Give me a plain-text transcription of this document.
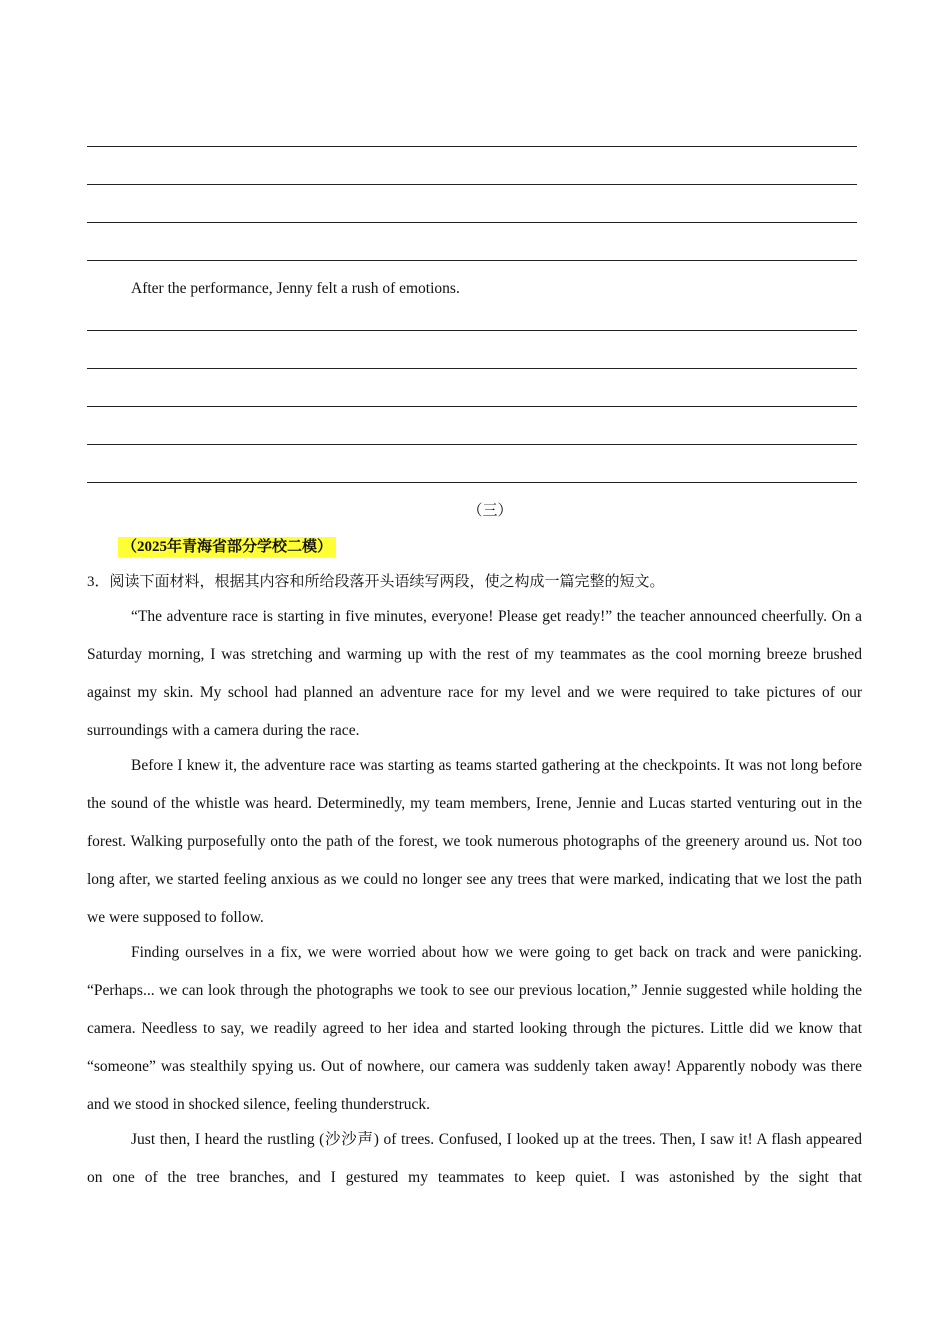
After the performance, Jenny felt a rush of emotions.
（三）
（2025年青海省部分学校二模）
3．阅读下面材料，根据其内容和所给段落开头语续写两段，使之构成一篇完整的短文。

“The adventure race is starting in five minutes, everyone! Please get ready!” the teacher announced cheerfully. On a Saturday morning, I was stretching and warming up with the rest of my teammates as the cool morning breeze brushed against my skin. My school had planned an adventure race for my level and we were required to take pictures of our surroundings with a camera during the race.

Before I knew it, the adventure race was starting as teams started gathering at the checkpoints. It was not long before the sound of the whistle was heard. Determinedly, my team members, Irene, Jennie and Lucas started venturing out in the forest. Walking purposefully onto the path of the forest, we took numerous photographs of the greenery around us. Not too long after, we started feeling anxious as we could no longer see any trees that were marked, indicating that we lost the path we were supposed to follow.

Finding ourselves in a fix, we were worried about how we were going to get back on track and were panicking. “Perhaps... we can look through the photographs we took to see our previous location,” Jennie suggested while holding the camera. Needless to say, we readily agreed to her idea and started looking through the pictures. Little did we know that “someone” was stealthily spying us. Out of nowhere, our camera was suddenly taken away! Apparently nobody was there and we stood in shocked silence, feeling thunderstruck.

Just then, I heard the rustling (沙沙声) of trees. Confused, I looked up at the trees. Then, I saw it! A flash appeared on one of the tree branches, and I gestured my teammates to keep quiet. I was astonished by the sight that
